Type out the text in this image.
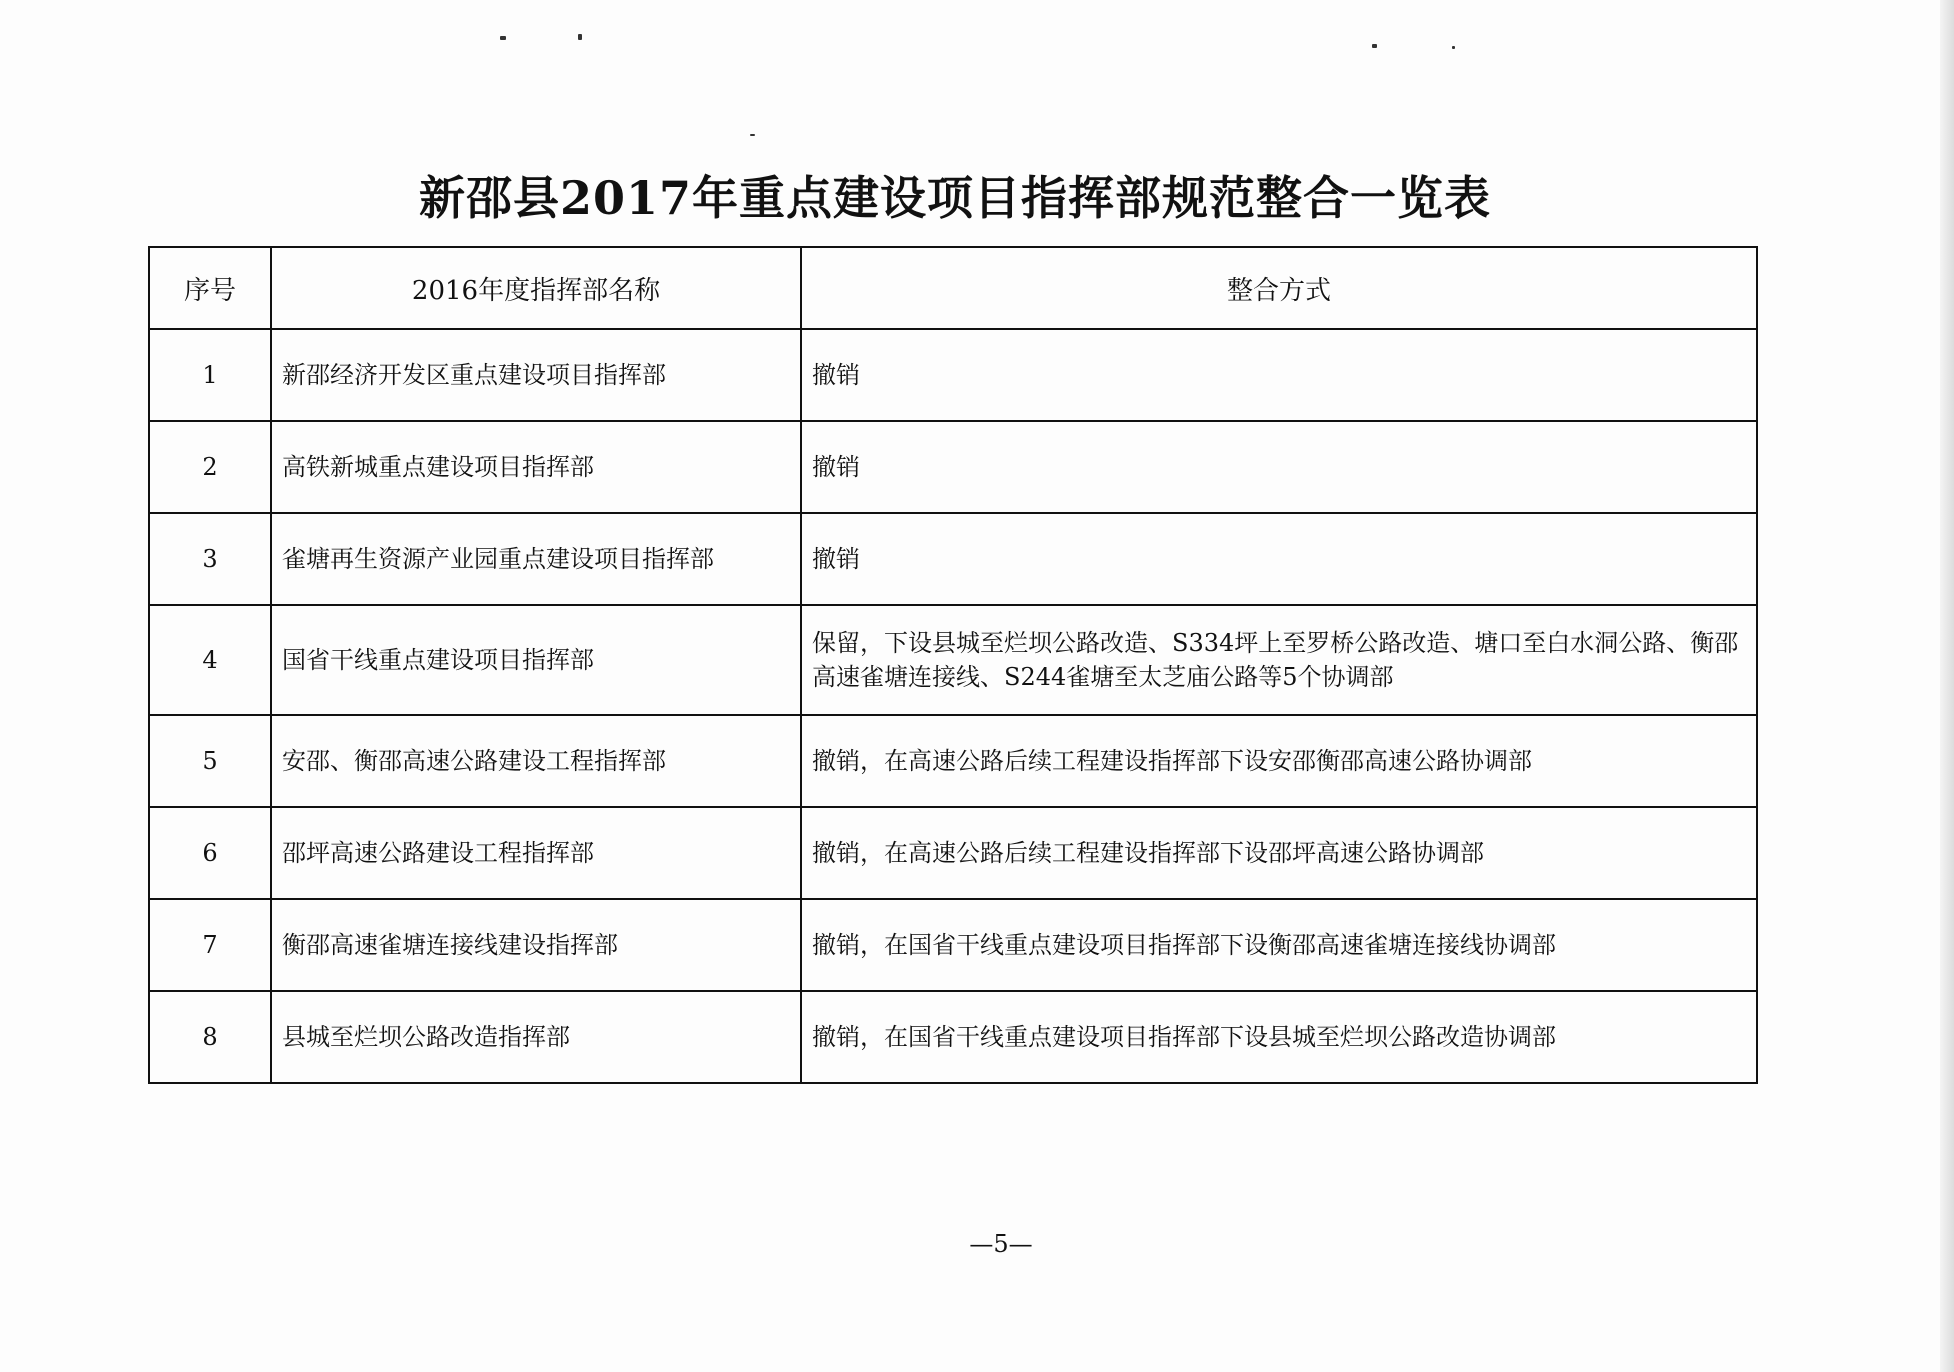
新邵县2017年重点建设项目指挥部规范整合一览表
序号	2016年度指挥部名称	整合方式
1	新邵经济开发区重点建设项目指挥部	撤销
2	高铁新城重点建设项目指挥部	撤销
3	雀塘再生资源产业园重点建设项目指挥部	撤销
4	国省干线重点建设项目指挥部	保留，下设县城至烂坝公路改造、S334坪上至罗桥公路改造、塘口至白水洞公路、衡邵高速雀塘连接线、S244雀塘至太芝庙公路等5个协调部
5	安邵、衡邵高速公路建设工程指挥部	撤销，在高速公路后续工程建设指挥部下设安邵衡邵高速公路协调部
6	邵坪高速公路建设工程指挥部	撤销，在高速公路后续工程建设指挥部下设邵坪高速公路协调部
7	衡邵高速雀塘连接线建设指挥部	撤销，在国省干线重点建设项目指挥部下设衡邵高速雀塘连接线协调部
8	县城至烂坝公路改造指挥部	撤销，在国省干线重点建设项目指挥部下设县城至烂坝公路改造协调部
—5—
